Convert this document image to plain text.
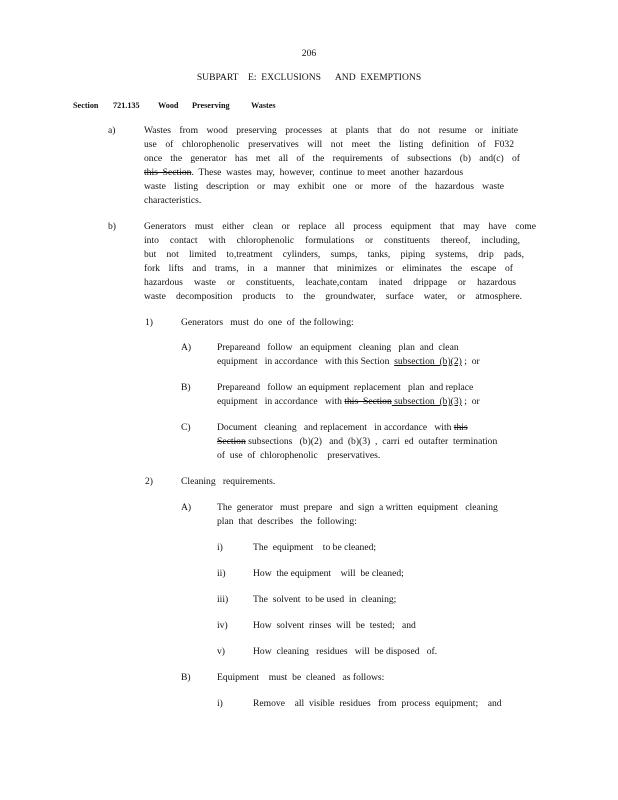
206
SUBPART    E:  EXCLUSIONS      AND  EXEMPTIONS
Section 721.135 Wood Preserving	Wastes
a)	Wastes from wood preserving processes at plants that do not resume or initiate
use of chlorophenolic preservatives will not meet the listing definition of F032
once the generator has met all of the requirements of subsections (b) and(c) of
this  Section.  These  wastes  may,  however,  continue  to meet  another  hazardous
waste listing description or may exhibit one or more of the hazardous waste
characteristics.
b)	Generators must either clean or replace all process equipment that may have come
into contact with chlorophenolic formulations or constituents thereof, including,
but not limited to,treatment cylinders, sumps, tanks, piping systems, drip pads,
fork lifts and trams, in a manner that minimizes or eliminates the escape of
hazardous waste or constituents, leachate,contam inated drippage or hazardous
waste decomposition products to the groundwater, surface water, or atmosphere.
1)	Generators   must  do  one  of  the following:
A)	Prepareand   follow   an equipment   cleaning   plan  and  clean
equipment   in accordance   with this Section  subsection  (b)(2) ;  or
B)	Prepareand   follow  an equipment  replacement   plan  and replace
equipment   in accordance   with this  Section subsection  (b)(3) ;  or
C)	Document   cleaning   and replacement   in accordance   with this
Section subsections   (b)(2)   and  (b)(3)  ,  carri  ed  outafter  termination
of  use  of  chlorophenolic    preservatives.
2)	Cleaning   requirements.
A)	The  generator   must  prepare   and  sign  a written  equipment   cleaning
plan  that  describes   the  following:
i)	The  equipment    to be cleaned;
ii)	How  the equipment    will  be cleaned;
iii)	The  solvent  to be used  in  cleaning;
iv)	How  solvent  rinses  will  be  tested;   and
v)	How  cleaning   residues   will  be disposed   of.
B)	Equipment    must  be  cleaned   as follows:
i)	Remove    all  visible  residues   from  process  equipment;    and
